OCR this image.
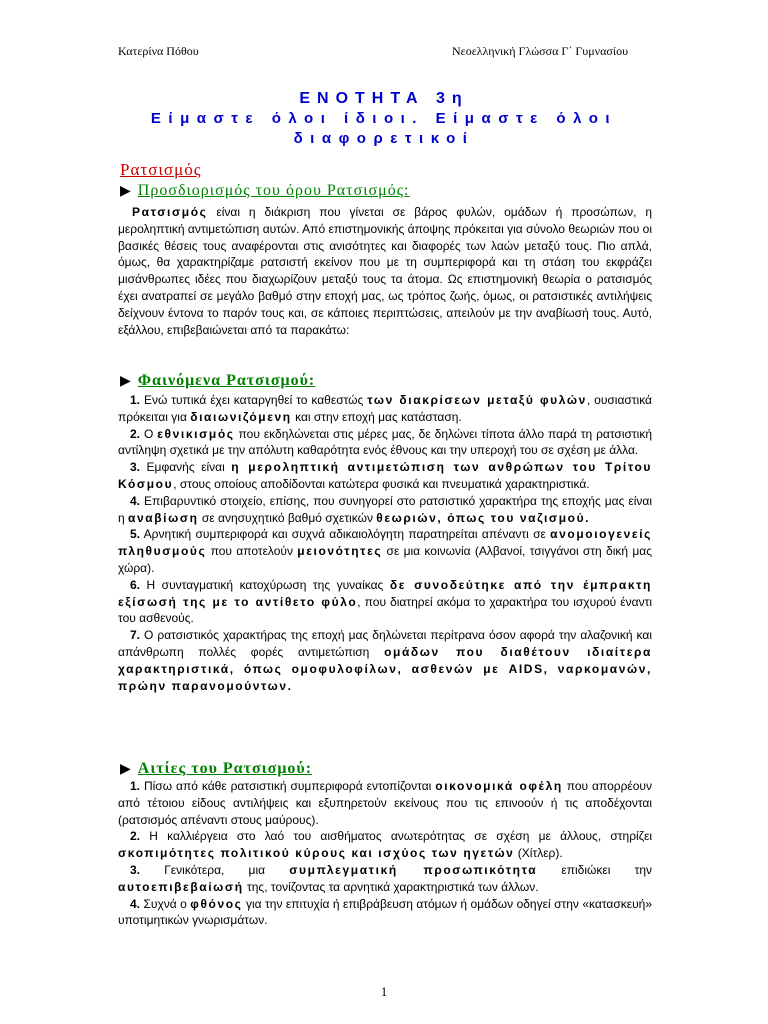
Κατερίνα Πόθου	Νεοελληνική Γλώσσα Γ΄ Γυμνασίου
ΕΝΟΤΗΤΑ 3η
Είμαστε όλοι ίδιοι. Είμαστε όλοι
διαφορετικοί
Ρατσισμός
▶ Προσδιορισμός του όρου Ρατσισμός:

Ρατσισμός είναι η διάκριση που γίνεται σε βάρος φυλών, ομάδων ή προσώπων, η μεροληπτική αντιμετώπιση αυτών. Από επιστημονικής άποψης πρόκειται για σύνολο θεωριών που οι βασικές θέσεις τους αναφέρονται στις ανισότητες και διαφορές των λαών μεταξύ τους. Πιο απλά, όμως, θα χαρακτηρίζαμε ρατσιστή εκείνον που με τη συμπεριφορά και τη στάση του εκφράζει μισάνθρωπες ιδέες που διαχωρίζουν μεταξύ τους τα άτομα. Ως επιστημονική θεωρία ο ρατσισμός έχει ανατραπεί σε μεγάλο βαθμό στην εποχή μας, ως τρόπος ζωής, όμως, οι ρατσιστικές αντιλήψεις δείχνουν έντονα το παρόν τους και, σε κάποιες περιπτώσεις, απειλούν με την αναβίωσή τους. Αυτό, εξάλλου, επιβεβαιώνεται από τα παρακάτω:

▶ Φαινόμενα Ρατσισμού:

1. Ενώ τυπικά έχει καταργηθεί το καθεστώς των διακρίσεων μεταξύ φυλών, ουσιαστικά πρόκειται για διαιωνιζόμενη και στην εποχή μας κατάσταση.

2. Ο εθνικισμός που εκδηλώνεται στις μέρες μας, δε δηλώνει τίποτα άλλο παρά τη ρατσιστική αντίληψη σχετικά με την απόλυτη καθαρότητα ενός έθνους και την υπεροχή του σε σχέση με άλλα.

3. Εμφανής είναι η μεροληπτική αντιμετώπιση των ανθρώπων του Τρίτου Κόσμου, στους οποίους αποδίδονται κατώτερα φυσικά και πνευματικά χαρακτηριστικά.

4. Επιβαρυντικό στοιχείο, επίσης, που συνηγορεί στο ρατσιστικό χαρακτήρα της εποχής μας είναι η αναβίωση σε ανησυχητικό βαθμό σχετικών θεωριών, όπως του ναζισμού.

5. Αρνητική συμπεριφορά και συχνά αδικαιολόγητη παρατηρείται απέναντι σε ανομοιογενείς πληθυσμούς που αποτελούν μειονότητες σε μια κοινωνία (Αλβανοί, τσιγγάνοι στη δική μας χώρα).

6. Η συνταγματική κατοχύρωση της γυναίκας δε συνοδεύτηκε από την έμπρακτη εξίσωσή της με το αντίθετο φύλο, που διατηρεί ακόμα το χαρακτήρα του ισχυρού έναντι του ασθενούς.

7. Ο ρατσιστικός χαρακτήρας της εποχή μας δηλώνεται περίτρανα όσον αφορά την αλαζονική και απάνθρωπη πολλές φορές αντιμετώπιση ομάδων που διαθέτουν ιδιαίτερα χαρακτηριστικά, όπως ομοφυλοφίλων, ασθενών με AIDS, ναρκομανών, πρώην παρανομούντων.

▶ Αιτίες του Ρατσισμού:

1. Πίσω από κάθε ρατσιστική συμπεριφορά εντοπίζονται οικονομικά οφέλη που απορρέουν από τέτοιου είδους αντιλήψεις και εξυπηρετούν εκείνους που τις επινοούν ή τις αποδέχονται (ρατσισμός απέναντι στους μαύρους).

2. Η καλλιέργεια στο λαό του αισθήματος ανωτερότητας σε σχέση με άλλους, στηρίζει σκοπιμότητες πολιτικού κύρους και ισχύος των ηγετών (Χίτλερ).

3. Γενικότερα, μια συμπλεγματική προσωπικότητα επιδιώκει την αυτοεπιβεβαίωσή της, τονίζοντας τα αρνητικά χαρακτηριστικά των άλλων.

4. Συχνά ο φθόνος για την επιτυχία ή επιβράβευση ατόμων ή ομάδων οδηγεί στην «κατασκευή» υποτιμητικών γνωρισμάτων.

1
